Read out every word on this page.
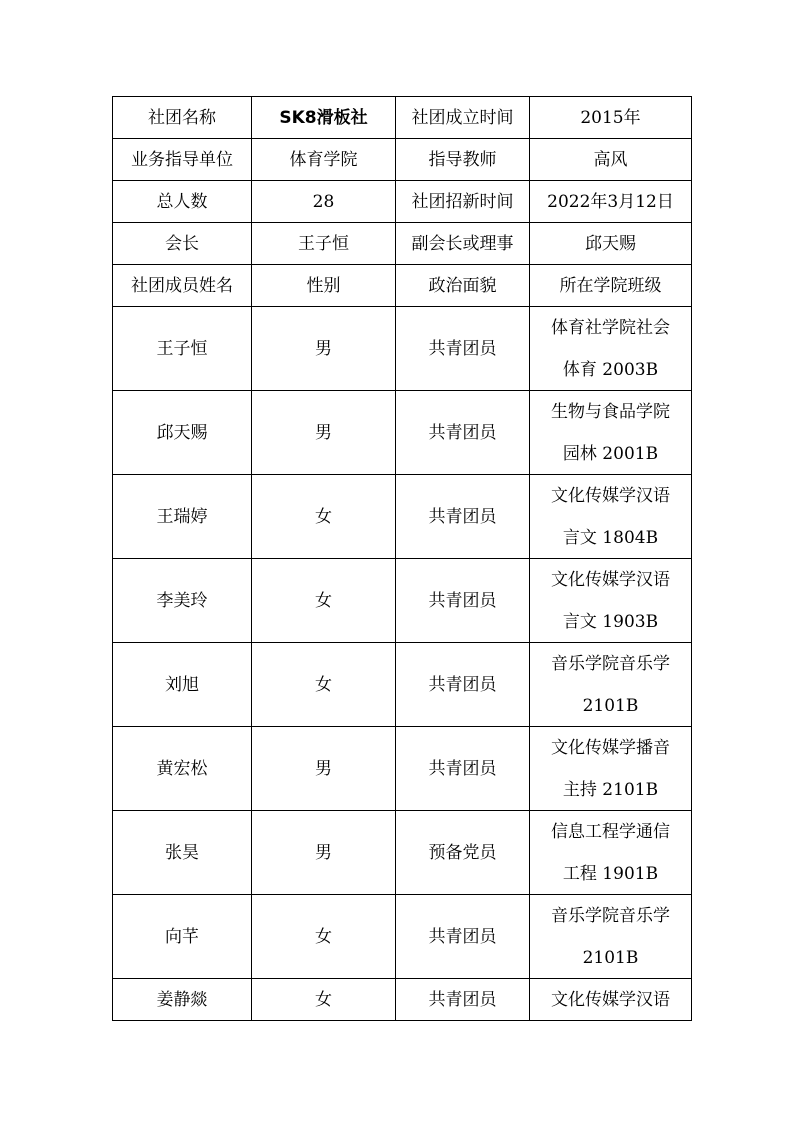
社团名称	SK8滑板社	社团成立时间	2015年
业务指导单位	体育学院	指导教师	高风
总人数	28	社团招新时间	2022年3月12日
会长	王子恒	副会长或理事	邱天赐
社团成员姓名	性别	政治面貌	所在学院班级
王子恒	男	共青团员	体育社学院社会
体育 2003B

邱天赐	男	共青团员	生物与食品学院
园林 2001B

王瑞婷	女	共青团员	文化传媒学汉语
言文 1804B

李美玲	女	共青团员	文化传媒学汉语
言文 1903B

刘旭	女	共青团员	音乐学院音乐学
2101B

黄宏松	男	共青团员	文化传媒学播音
主持 2101B

张昊	男	预备党员	信息工程学通信
工程 1901B

向芊	女	共青团员	音乐学院音乐学
2101B

姜静燚	女	共青团员	文化传媒学汉语
